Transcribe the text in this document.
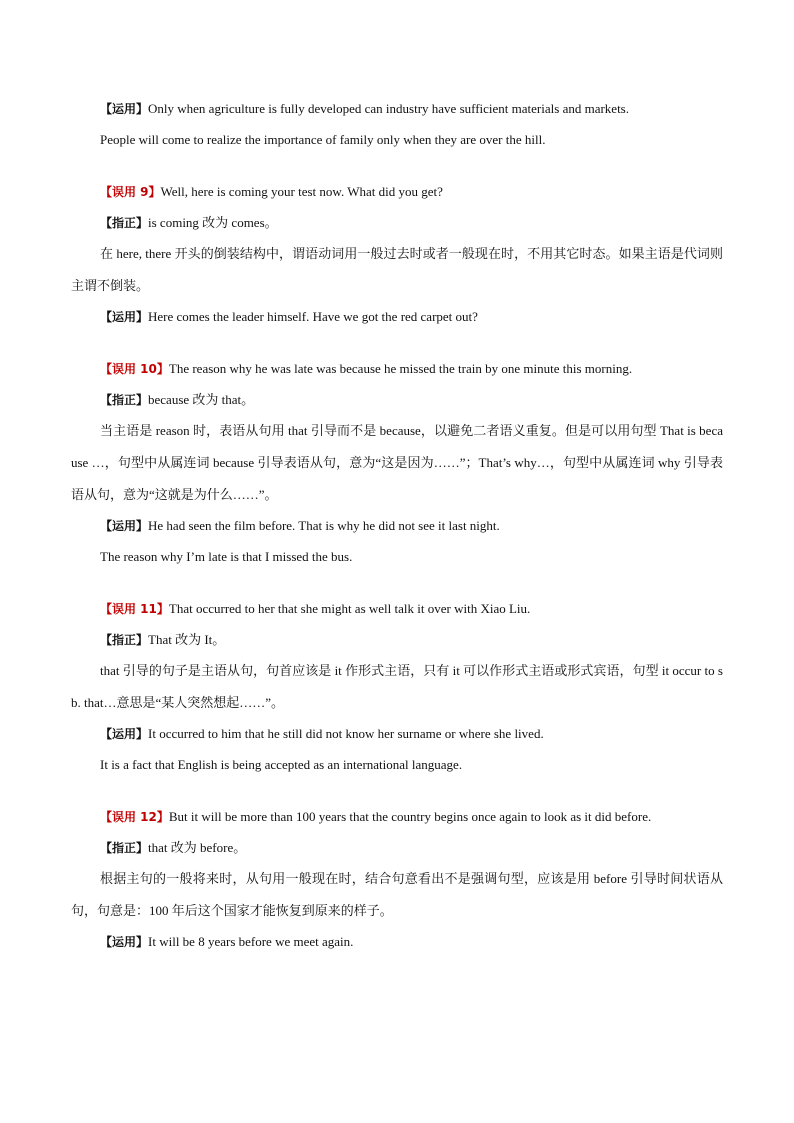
【运用】Only when agriculture is fully developed can industry have sufficient materials and markets.

People will come to realize the importance of family only when they are over the hill.

【误用 9】Well, here is coming your test now. What did you get?

【指正】is coming 改为 comes。

在 here, there 开头的倒装结构中，谓语动词用一般过去时或者一般现在时，不用其它时态。如果主语是代词则主谓不倒装。

【运用】Here comes the leader himself. Have we got the red carpet out?

【误用 10】The reason why he was late was because he missed the train by one minute this morning.

【指正】because 改为 that。

当主语是 reason 时，表语从句用 that 引导而不是 because，以避免二者语义重复。但是可以用句型 That is because …，句型中从属连词 because 引导表语从句，意为“这是因为……”；That’s why…，句型中从属连词 why 引导表语从句，意为“这就是为什么……”。

【运用】He had seen the film before. That is why he did not see it last night.

The reason why I’m late is that I missed the bus.

【误用 11】That occurred to her that she might as well talk it over with Xiao Liu.

【指正】That 改为 It。

that 引导的句子是主语从句，句首应该是 it 作形式主语，只有 it 可以作形式主语或形式宾语，句型 it occur to sb. that…意思是“某人突然想起……”。

【运用】It occurred to him that he still did not know her surname or where she lived.

It is a fact that English is being accepted as an international language.

【误用 12】But it will be more than 100 years that the country begins once again to look as it did before.

【指正】that 改为 before。

根据主句的一般将来时，从句用一般现在时，结合句意看出不是强调句型，应该是用 before 引导时间状语从句，句意是：100 年后这个国家才能恢复到原来的样子。

【运用】It will be 8 years before we meet again.
